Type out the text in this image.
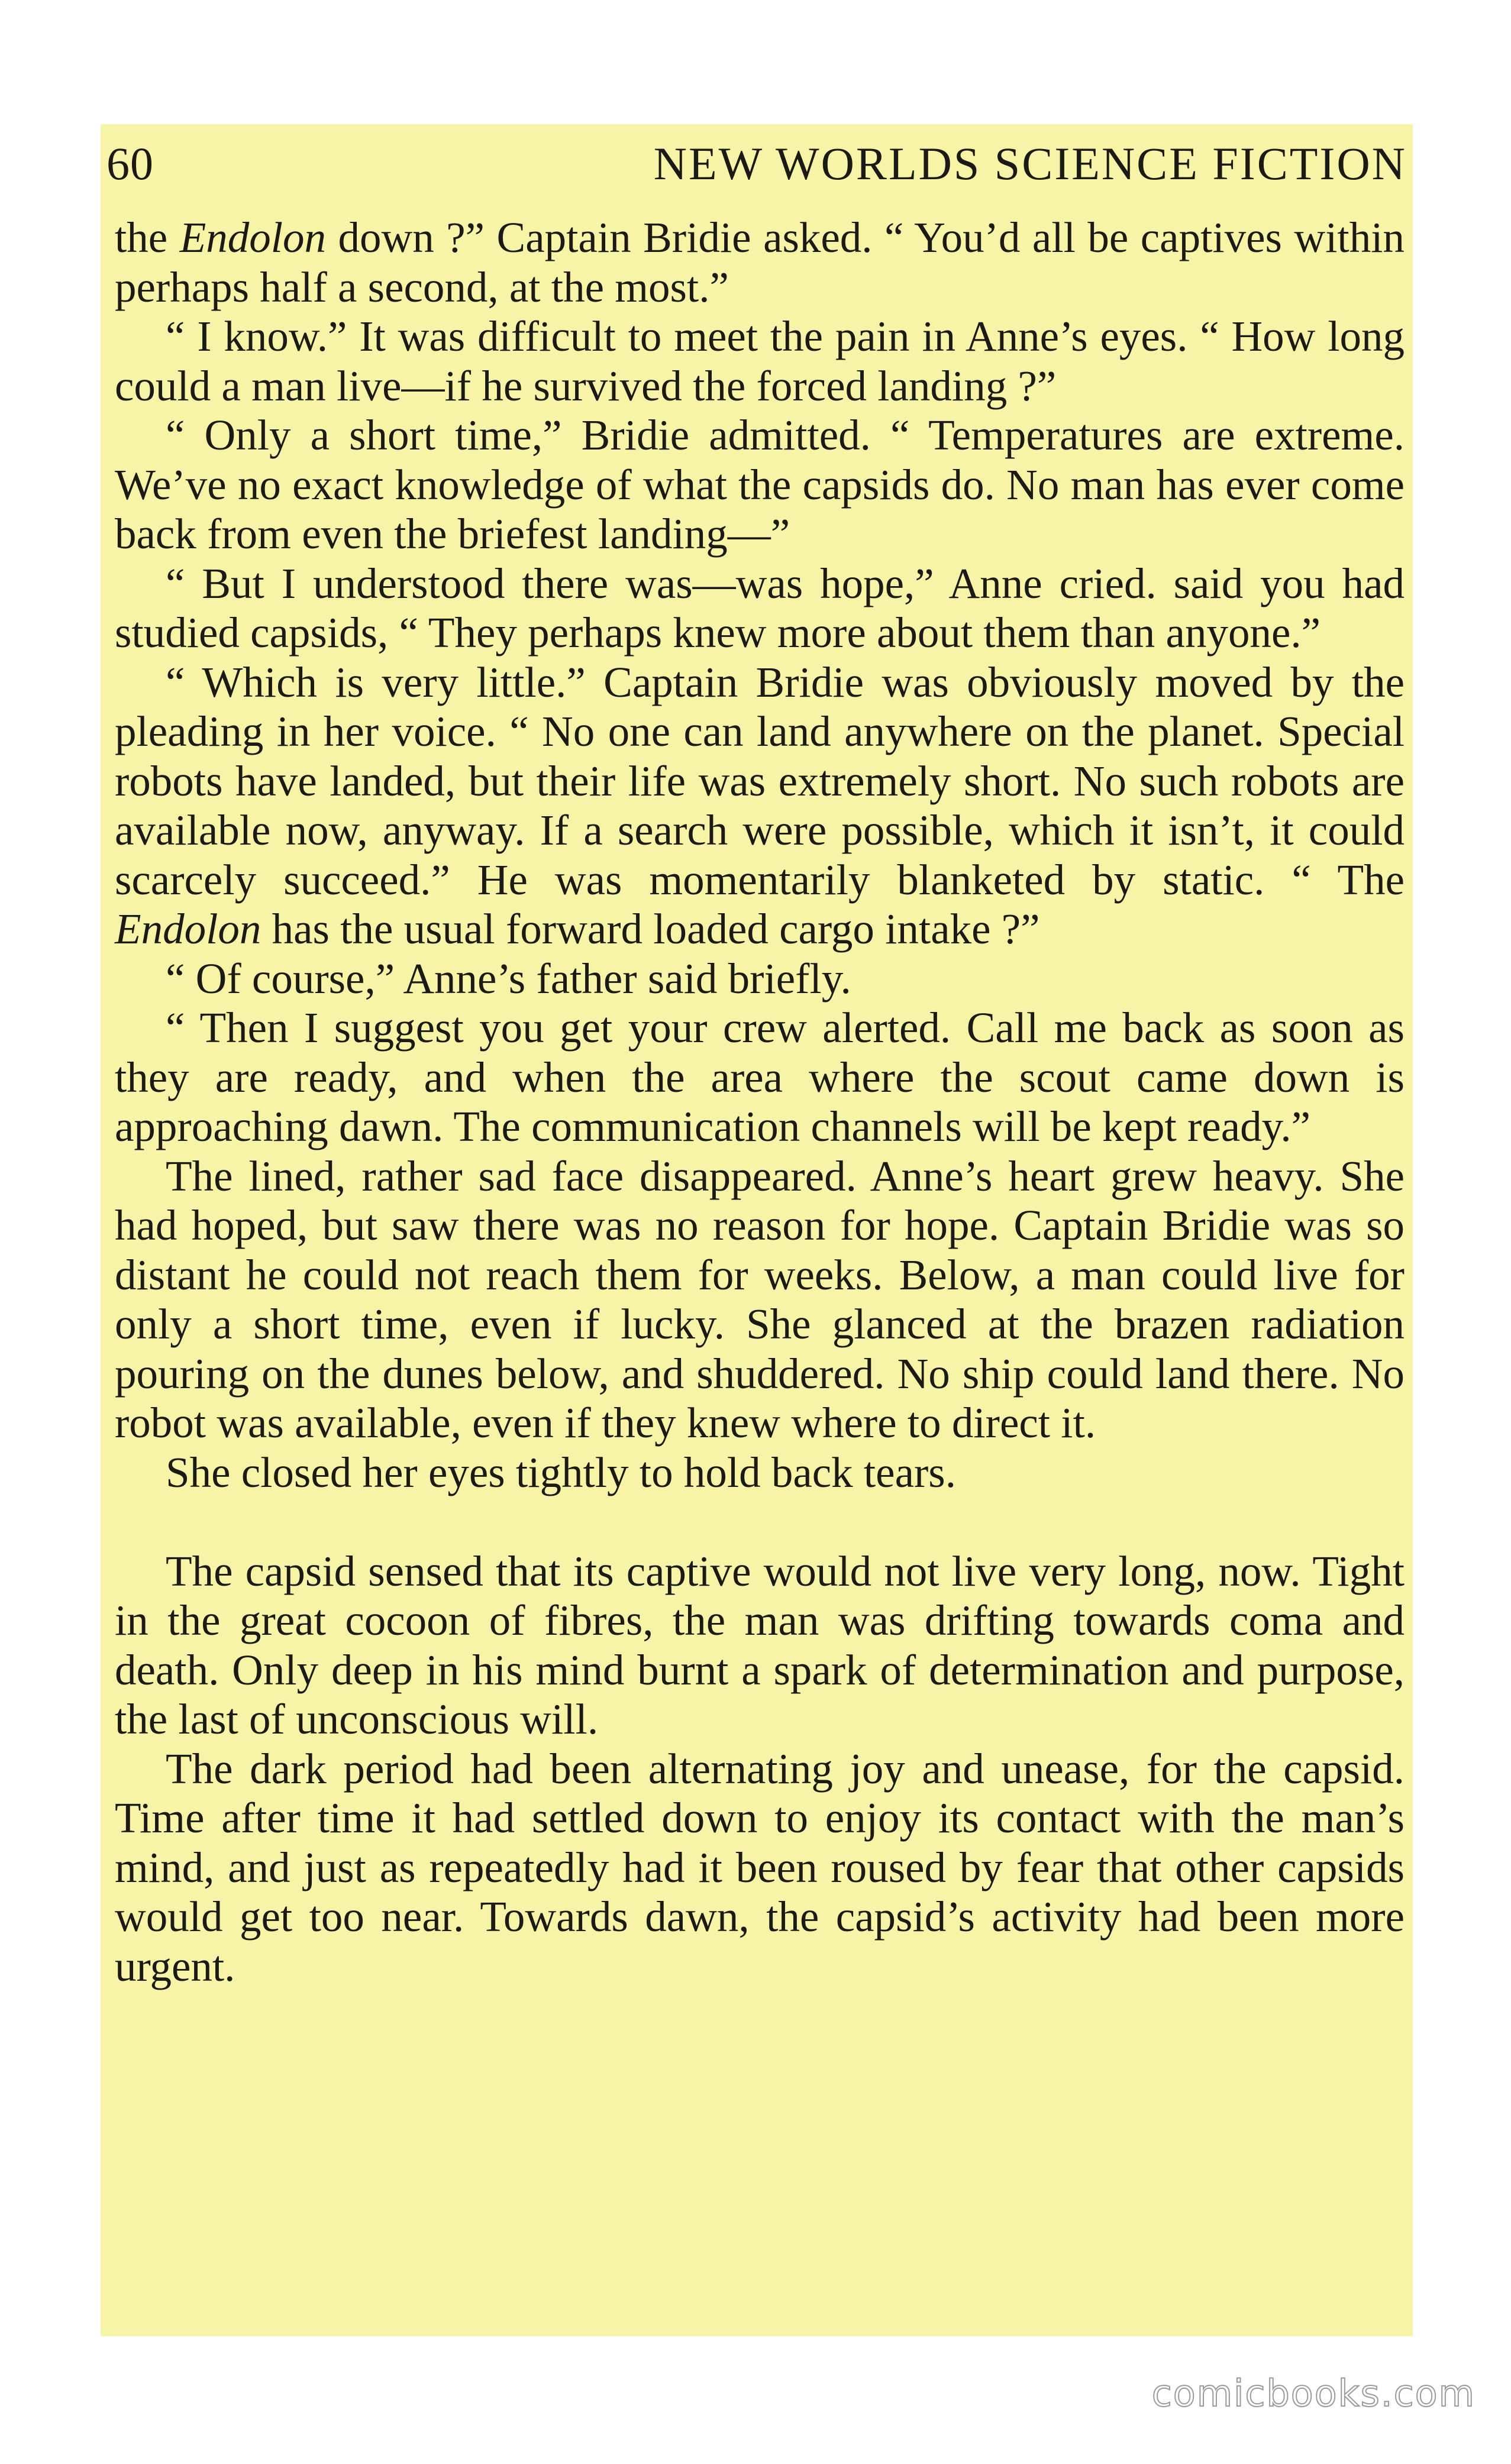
60	NEW WORLDS SCIENCE FICTION

the Endolon down ?” Captain Bridie asked. “ You’d all be captives within perhaps half a second, at the most.”

“ I know.” It was difficult to meet the pain in Anne’s eyes. “ How long could a man live—if he survived the forced landing ?”

“ Only a short time,” Bridie admitted. “ Temperatures are extreme. We’ve no exact knowledge of what the capsids do. No man has ever come back from even the briefest landing—”

“ But I understood there was—was hope,” Anne cried. said you had studied capsids, “ They perhaps knew more about them than anyone.”

“ Which is very little.” Captain Bridie was obviously moved by the pleading in her voice. “ No one can land anywhere on the planet. Special robots have landed, but their life was extremely short. No such robots are available now, anyway. If a search were possible, which it isn’t, it could scarcely succeed.” He was momentarily blanketed by static. “ The Endolon has the usual forward loaded cargo intake ?”

“ Of course,” Anne’s father said briefly.

“ Then I suggest you get your crew alerted. Call me back as soon as they are ready, and when the area where the scout came down is approaching dawn. The communication channels will be kept ready.”

The lined, rather sad face disappeared. Anne’s heart grew heavy. She had hoped, but saw there was no reason for hope. Captain Bridie was so distant he could not reach them for weeks. Below, a man could live for only a short time, even if lucky. She glanced at the brazen radiation pouring on the dunes below, and shuddered. No ship could land there. No robot was available, even if they knew where to direct it.

She closed her eyes tightly to hold back tears.

The capsid sensed that its captive would not live very long, now. Tight in the great cocoon of fibres, the man was drifting towards coma and death. Only deep in his mind burnt a spark of determination and purpose, the last of unconscious will.

The dark period had been alternating joy and unease, for the capsid. Time after time it had settled down to enjoy its contact with the man’s mind, and just as repeatedly had it been roused by fear that other capsids would get too near. Towards dawn, the capsid’s activity had been more urgent.

comicbooks.com
